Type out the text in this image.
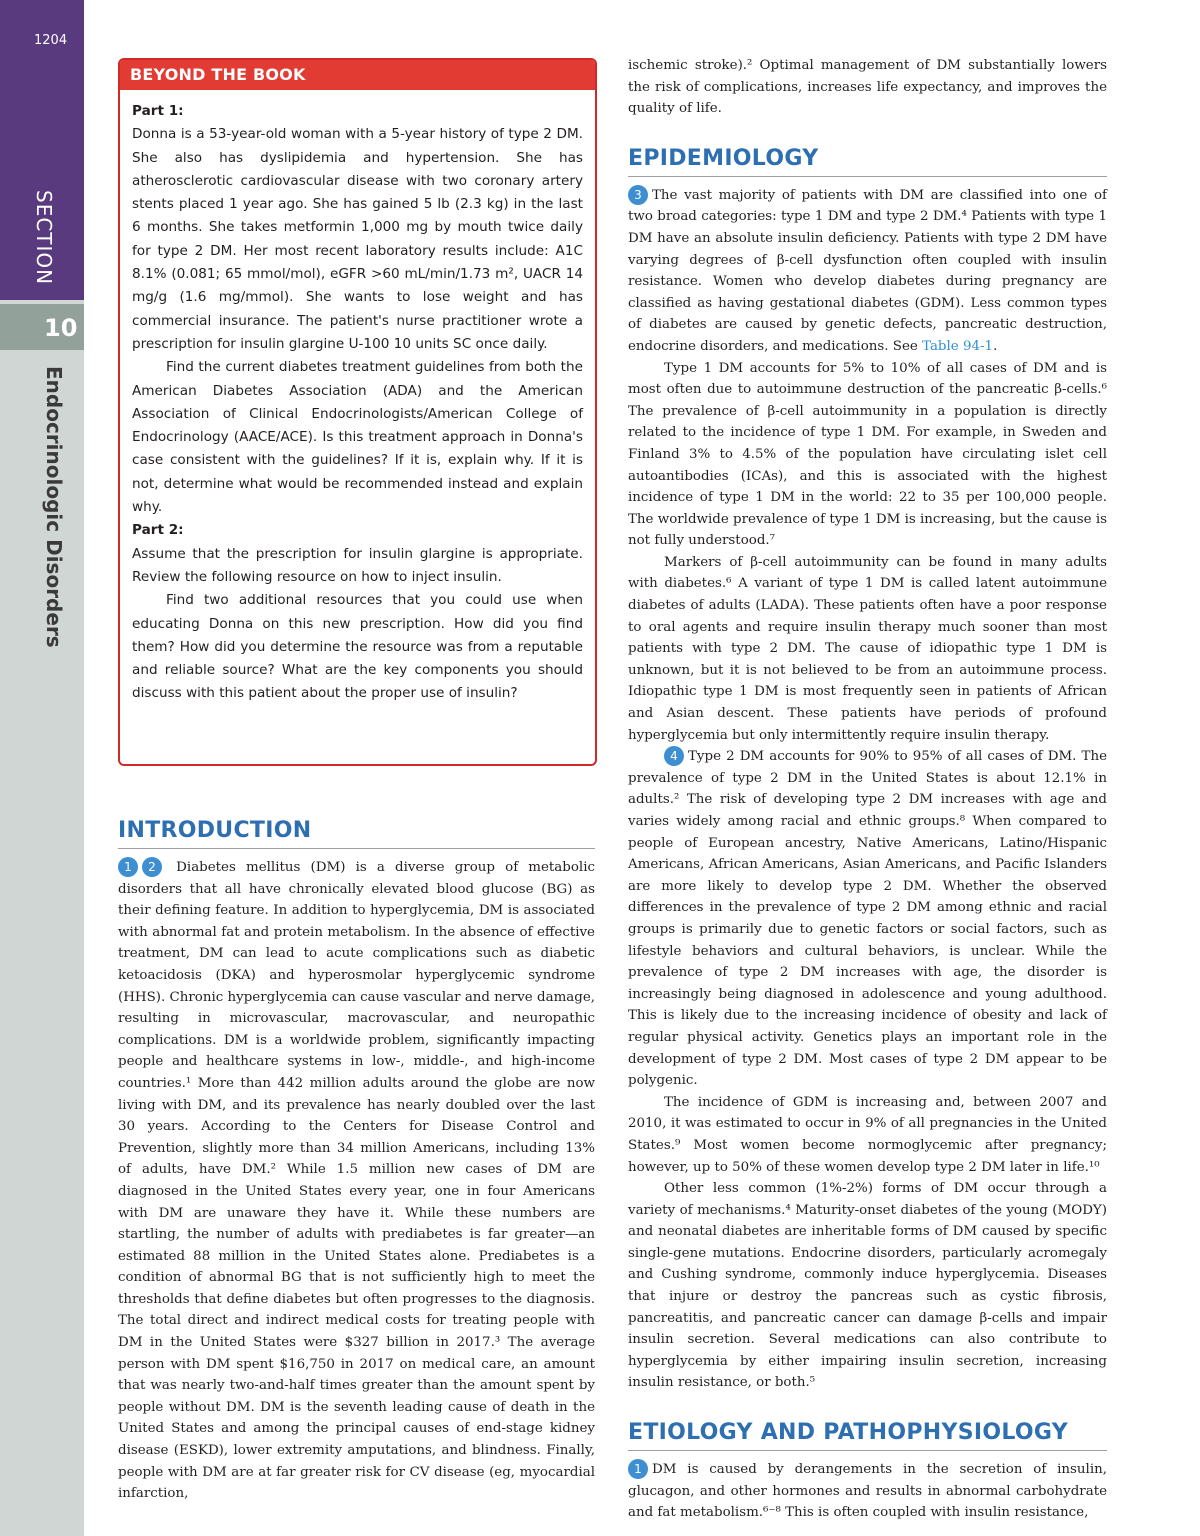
1204
SECTION
10
Endocrinologic Disorders
BEYOND THE BOOK

Part 1:

Donna is a 53-year-old woman with a 5-year history of type 2 DM. She also has dyslipidemia and hypertension. She has atherosclerotic cardiovascular disease with two coronary artery stents placed 1 year ago. She has gained 5 lb (2.3 kg) in the last 6 months. She takes metformin 1,000 mg by mouth twice daily for type 2 DM. Her most recent laboratory results include: A1C 8.1% (0.081; 65 mmol/mol), eGFR >60 mL/min/1.73 m², UACR 14 mg/g (1.6 mg/mmol). She wants to lose weight and has commercial insurance. The patient's nurse practitioner wrote a prescription for insulin glargine U-100 10 units SC once daily.

Find the current diabetes treatment guidelines from both the American Diabetes Association (ADA) and the American Association of Clinical Endocrinologists/American College of Endocrinology (AACE/ACE). Is this treatment approach in Donna's case consistent with the guidelines? If it is, explain why. If it is not, determine what would be recommended instead and explain why.

Part 2:

Assume that the prescription for insulin glargine is appropriate. Review the following resource on how to inject insulin.

Find two additional resources that you could use when educating Donna on this new prescription. How did you find them? How did you determine the resource was from a reputable and reliable source? What are the key components you should discuss with this patient about the proper use of insulin?

INTRODUCTION

1 2 Diabetes mellitus (DM) is a diverse group of metabolic disorders that all have chronically elevated blood glucose (BG) as their defining feature. In addition to hyperglycemia, DM is associated with abnormal fat and protein metabolism. In the absence of effective treatment, DM can lead to acute complications such as diabetic ketoacidosis (DKA) and hyperosmolar hyperglycemic syndrome (HHS). Chronic hyperglycemia can cause vascular and nerve damage, resulting in microvascular, macrovascular, and neuropathic complications. DM is a worldwide problem, significantly impacting people and healthcare systems in low-, middle-, and high-income countries.¹ More than 442 million adults around the globe are now living with DM, and its prevalence has nearly doubled over the last 30 years. According to the Centers for Disease Control and Prevention, slightly more than 34 million Americans, including 13% of adults, have DM.² While 1.5 million new cases of DM are diagnosed in the United States every year, one in four Americans with DM are unaware they have it. While these numbers are startling, the number of adults with prediabetes is far greater—an estimated 88 million in the United States alone. Prediabetes is a condition of abnormal BG that is not sufficiently high to meet the thresholds that define diabetes but often progresses to the diagnosis. The total direct and indirect medical costs for treating people with DM in the United States were $327 billion in 2017.³ The average person with DM spent $16,750 in 2017 on medical care, an amount that was nearly two-and-half times greater than the amount spent by people without DM. DM is the seventh leading cause of death in the United States and among the principal causes of end-stage kidney disease (ESKD), lower extremity amputations, and blindness. Finally, people with DM are at far greater risk for CV disease (eg, myocardial infarction,

ischemic stroke).² Optimal management of DM substantially lowers the risk of complications, increases life expectancy, and improves the quality of life.

EPIDEMIOLOGY

3 The vast majority of patients with DM are classified into one of two broad categories: type 1 DM and type 2 DM.⁴ Patients with type 1 DM have an absolute insulin deficiency. Patients with type 2 DM have varying degrees of β-cell dysfunction often coupled with insulin resistance. Women who develop diabetes during pregnancy are classified as having gestational diabetes (GDM). Less common types of diabetes are caused by genetic defects, pancreatic destruction, endocrine disorders, and medications. See Table 94-1.

Type 1 DM accounts for 5% to 10% of all cases of DM and is most often due to autoimmune destruction of the pancreatic β-cells.⁶ The prevalence of β-cell autoimmunity in a population is directly related to the incidence of type 1 DM. For example, in Sweden and Finland 3% to 4.5% of the population have circulating islet cell autoantibodies (ICAs), and this is associated with the highest incidence of type 1 DM in the world: 22 to 35 per 100,000 people. The worldwide prevalence of type 1 DM is increasing, but the cause is not fully understood.⁷

Markers of β-cell autoimmunity can be found in many adults with diabetes.⁶ A variant of type 1 DM is called latent autoimmune diabetes of adults (LADA). These patients often have a poor response to oral agents and require insulin therapy much sooner than most patients with type 2 DM. The cause of idiopathic type 1 DM is unknown, but it is not believed to be from an autoimmune process. Idiopathic type 1 DM is most frequently seen in patients of African and Asian descent. These patients have periods of profound hyperglycemia but only intermittently require insulin therapy.

4 Type 2 DM accounts for 90% to 95% of all cases of DM. The prevalence of type 2 DM in the United States is about 12.1% in adults.² The risk of developing type 2 DM increases with age and varies widely among racial and ethnic groups.⁸ When compared to people of European ancestry, Native Americans, Latino/Hispanic Americans, African Americans, Asian Americans, and Pacific Islanders are more likely to develop type 2 DM. Whether the observed differences in the prevalence of type 2 DM among ethnic and racial groups is primarily due to genetic factors or social factors, such as lifestyle behaviors and cultural behaviors, is unclear. While the prevalence of type 2 DM increases with age, the disorder is increasingly being diagnosed in adolescence and young adulthood. This is likely due to the increasing incidence of obesity and lack of regular physical activity. Genetics plays an important role in the development of type 2 DM. Most cases of type 2 DM appear to be polygenic.

The incidence of GDM is increasing and, between 2007 and 2010, it was estimated to occur in 9% of all pregnancies in the United States.⁹ Most women become normoglycemic after pregnancy; however, up to 50% of these women develop type 2 DM later in life.¹⁰

Other less common (1%-2%) forms of DM occur through a variety of mechanisms.⁴ Maturity-onset diabetes of the young (MODY) and neonatal diabetes are inheritable forms of DM caused by specific single-gene mutations. Endocrine disorders, particularly acromegaly and Cushing syndrome, commonly induce hyperglycemia. Diseases that injure or destroy the pancreas such as cystic fibrosis, pancreatitis, and pancreatic cancer can damage β-cells and impair insulin secretion. Several medications can also contribute to hyperglycemia by either impairing insulin secretion, increasing insulin resistance, or both.⁵

ETIOLOGY AND PATHOPHYSIOLOGY

1 DM is caused by derangements in the secretion of insulin, glucagon, and other hormones and results in abnormal carbohydrate and fat metabolism.⁶⁻⁸ This is often coupled with insulin resistance,
